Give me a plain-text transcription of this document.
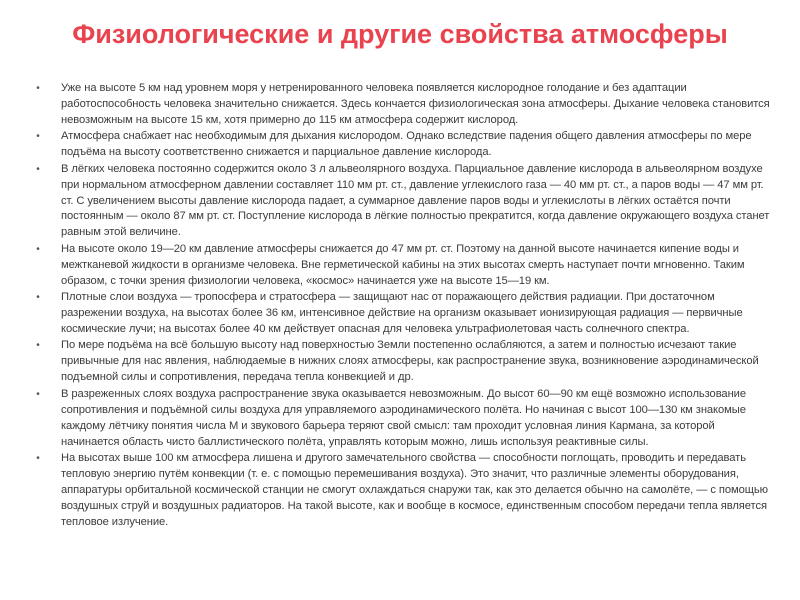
Физиологические и другие свойства атмосферы
•	Уже на высоте 5 км над уровнем моря у нетренированного человека появляется кислородное голодание и без адаптации работоспособность человека значительно снижается. Здесь кончается физиологическая зона атмосферы. Дыхание человека становится невозможным на высоте 15 км, хотя примерно до 115 км атмосфера содержит кислород.
•	Атмосфера снабжает нас необходимым для дыхания кислородом. Однако вследствие падения общего давления атмосферы по мере подъёма на высоту соответственно снижается и парциальное давление кислорода.
•	В лёгких человека постоянно содержится около 3 л альвеолярного воздуха. Парциальное давление кислорода в альвеолярном воздухе при нормальном атмосферном давлении составляет 110 мм рт. ст., давление углекислого газа — 40 мм рт. ст., а паров воды — 47 мм рт. ст. С увеличением высоты давление кислорода падает, а суммарное давление паров воды и углекислоты в лёгких остаётся почти постоянным — около 87 мм рт. ст. Поступление кислорода в лёгкие полностью прекратится, когда давление окружающего воздуха станет равным этой величине.
•	На высоте около 19—20 км давление атмосферы снижается до 47 мм рт. ст. Поэтому на данной высоте начинается кипение воды и межтканевой жидкости в организме человека. Вне герметической кабины на этих высотах смерть наступает почти мгновенно. Таким образом, с точки зрения физиологии человека, «космос» начинается уже на высоте 15—19 км.
•	Плотные слои воздуха — тропосфера и стратосфера — защищают нас от поражающего действия радиации. При достаточном разрежении воздуха, на высотах более 36 км, интенсивное действие на организм оказывает ионизирующая радиация — первичные космические лучи; на высотах более 40 км действует опасная для человека ультрафиолетовая часть солнечного спектра.
•	По мере подъёма на всё большую высоту над поверхностью Земли постепенно ослабляются, а затем и полностью исчезают такие привычные для нас явления, наблюдаемые в нижних слоях атмосферы, как распространение звука, возникновение аэродинамической подъемной силы и сопротивления, передача тепла конвекцией и др.
•	В разреженных слоях воздуха распространение звука оказывается невозможным. До высот 60—90 км ещё возможно использование сопротивления и подъёмной силы воздуха для управляемого аэродинамического полёта. Но начиная с высот 100—130 км знакомые каждому лётчику понятия числа М и звукового барьера теряют свой смысл: там проходит условная линия Кармана, за которой начинается область чисто баллистического полёта, управлять которым можно, лишь используя реактивные силы.
•	На высотах выше 100 км атмосфера лишена и другого замечательного свойства — способности поглощать, проводить и передавать тепловую энергию путём конвекции (т. е. с помощью перемешивания воздуха). Это значит, что различные элементы оборудования, аппаратуры орбитальной космической станции не смогут охлаждаться снаружи так, как это делается обычно на самолёте, — с помощью воздушных струй и воздушных радиаторов. На такой высоте, как и вообще в космосе, единственным способом передачи тепла является тепловое излучение.
